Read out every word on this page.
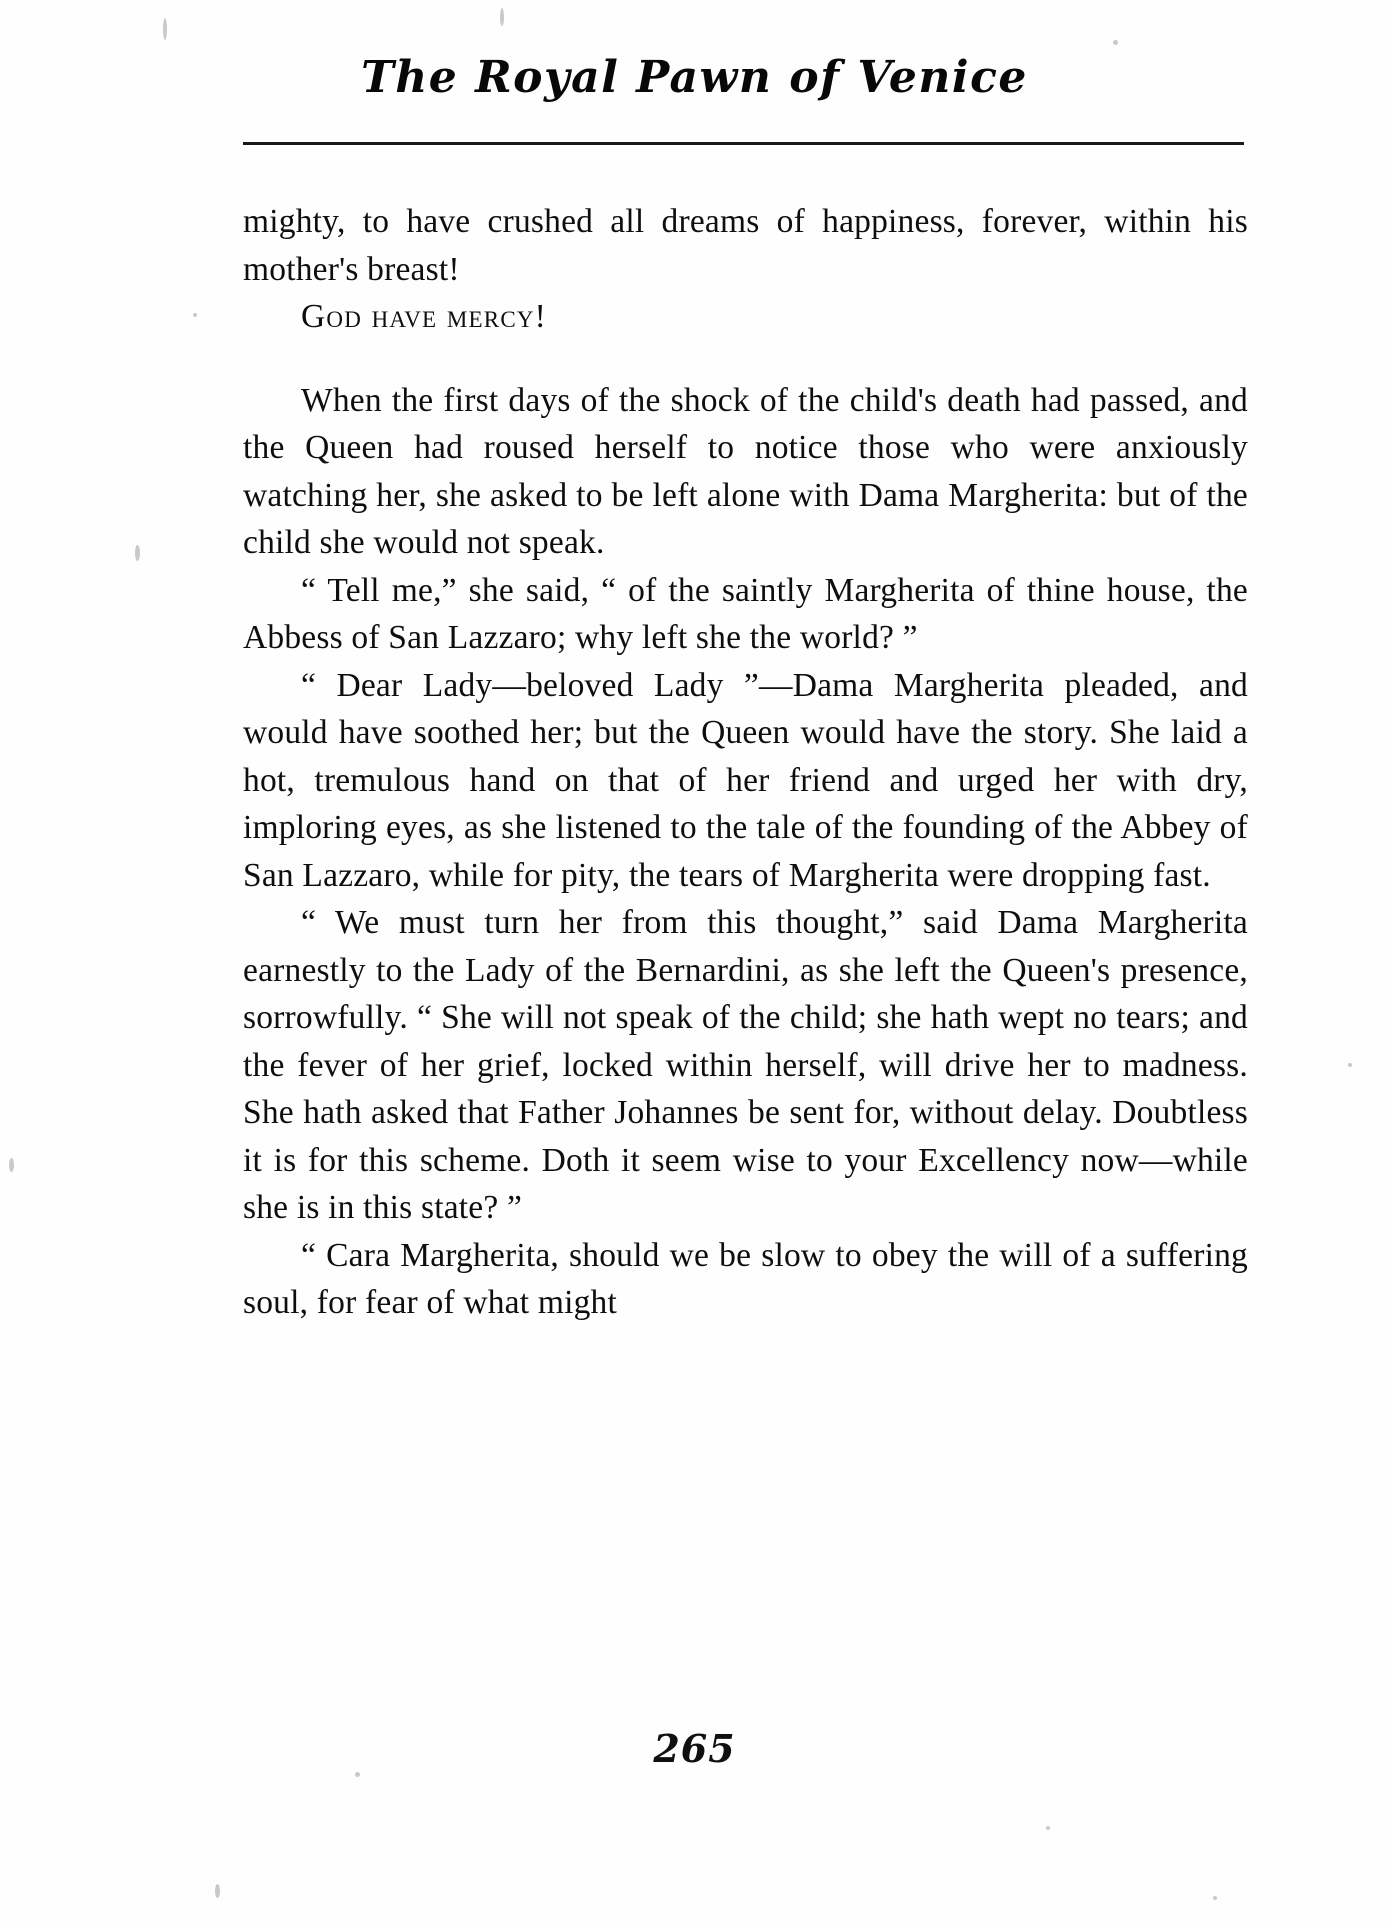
The Royal Pawn of Venice

mighty, to have crushed all dreams of happiness, forever, within his mother's breast!

God have mercy!

When the first days of the shock of the child's death had passed, and the Queen had roused herself to notice those who were anxiously watching her, she asked to be left alone with Dama Margherita: but of the child she would not speak.

“ Tell me,” she said, “ of the saintly Margherita of thine house, the Abbess of San Lazzaro; why left she the world? ”

“ Dear Lady—beloved Lady ”—Dama Margherita pleaded, and would have soothed her; but the Queen would have the story. She laid a hot, tremulous hand on that of her friend and urged her with dry, imploring eyes, as she listened to the tale of the founding of the Abbey of San Lazzaro, while for pity, the tears of Margherita were dropping fast.

“ We must turn her from this thought,” said Dama Margherita earnestly to the Lady of the Bernardini, as she left the Queen's presence, sorrowfully. “ She will not speak of the child; she hath wept no tears; and the fever of her grief, locked within herself, will drive her to madness. She hath asked that Father Johannes be sent for, without delay. Doubtless it is for this scheme. Doth it seem wise to your Excellency now—while she is in this state? ”

“ Cara Margherita, should we be slow to obey the will of a suffering soul, for fear of what might

265
